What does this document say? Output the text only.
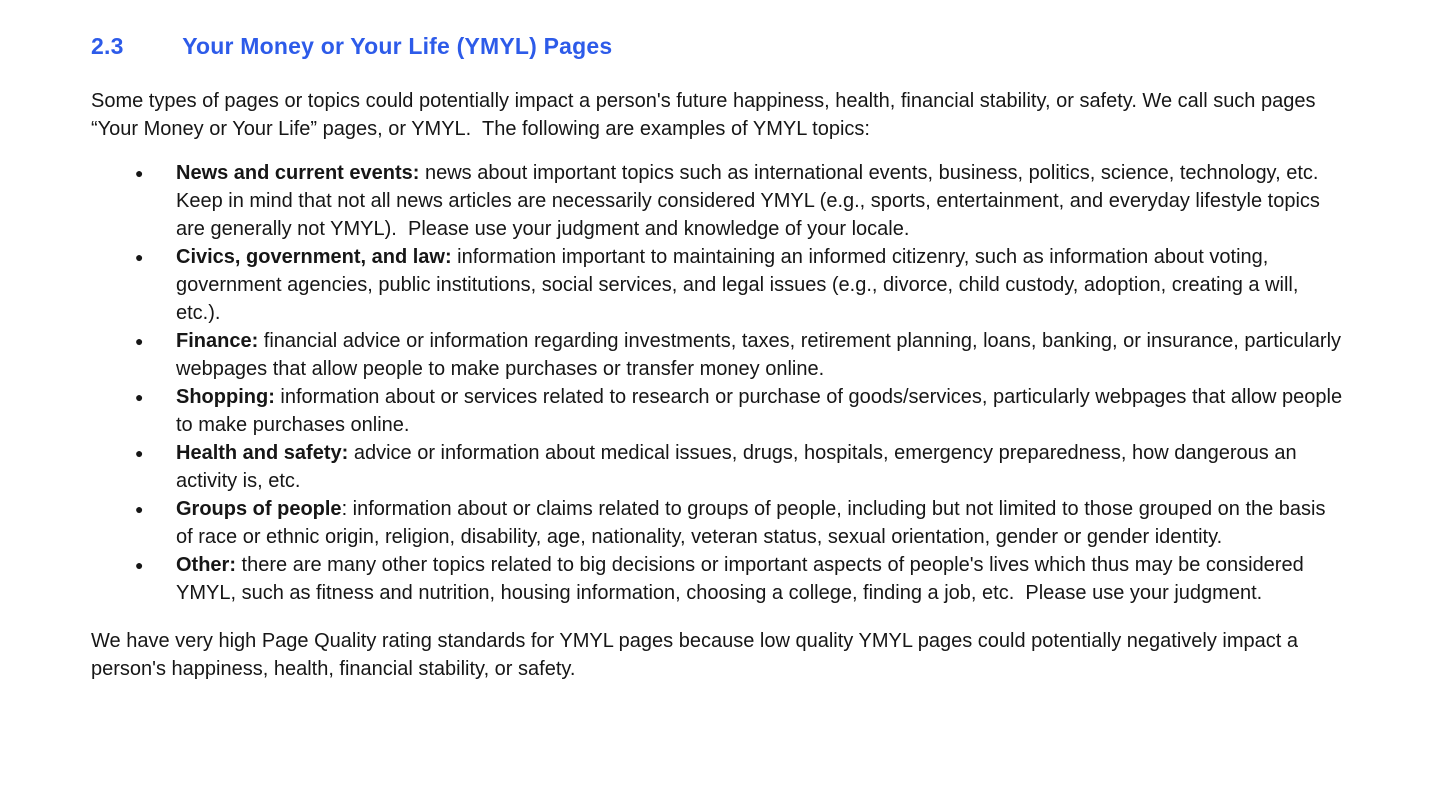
2.3	Your Money or Your Life (YMYL) Pages

Some types of pages or topics could potentially impact a person's future happiness, health, financial stability, or safety. We call such pages “Your Money or Your Life” pages, or YMYL.  The following are examples of YMYL topics:

● News and current events: news about important topics such as international events, business, politics, science, technology, etc.  Keep in mind that not all news articles are necessarily considered YMYL (e.g., sports, entertainment, and everyday lifestyle topics are generally not YMYL).  Please use your judgment and knowledge of your locale.
● Civics, government, and law: information important to maintaining an informed citizenry, such as information about voting, government agencies, public institutions, social services, and legal issues (e.g., divorce, child custody, adoption, creating a will, etc.).
● Finance: financial advice or information regarding investments, taxes, retirement planning, loans, banking, or insurance, particularly webpages that allow people to make purchases or transfer money online.
● Shopping: information about or services related to research or purchase of goods/services, particularly webpages that allow people to make purchases online.
● Health and safety: advice or information about medical issues, drugs, hospitals, emergency preparedness, how dangerous an activity is, etc.
● Groups of people: information about or claims related to groups of people, including but not limited to those grouped on the basis of race or ethnic origin, religion, disability, age, nationality, veteran status, sexual orientation, gender or gender identity.
● Other: there are many other topics related to big decisions or important aspects of people's lives which thus may be considered YMYL, such as fitness and nutrition, housing information, choosing a college, finding a job, etc.  Please use your judgment.

We have very high Page Quality rating standards for YMYL pages because low quality YMYL pages could potentially negatively impact a person's happiness, health, financial stability, or safety.
